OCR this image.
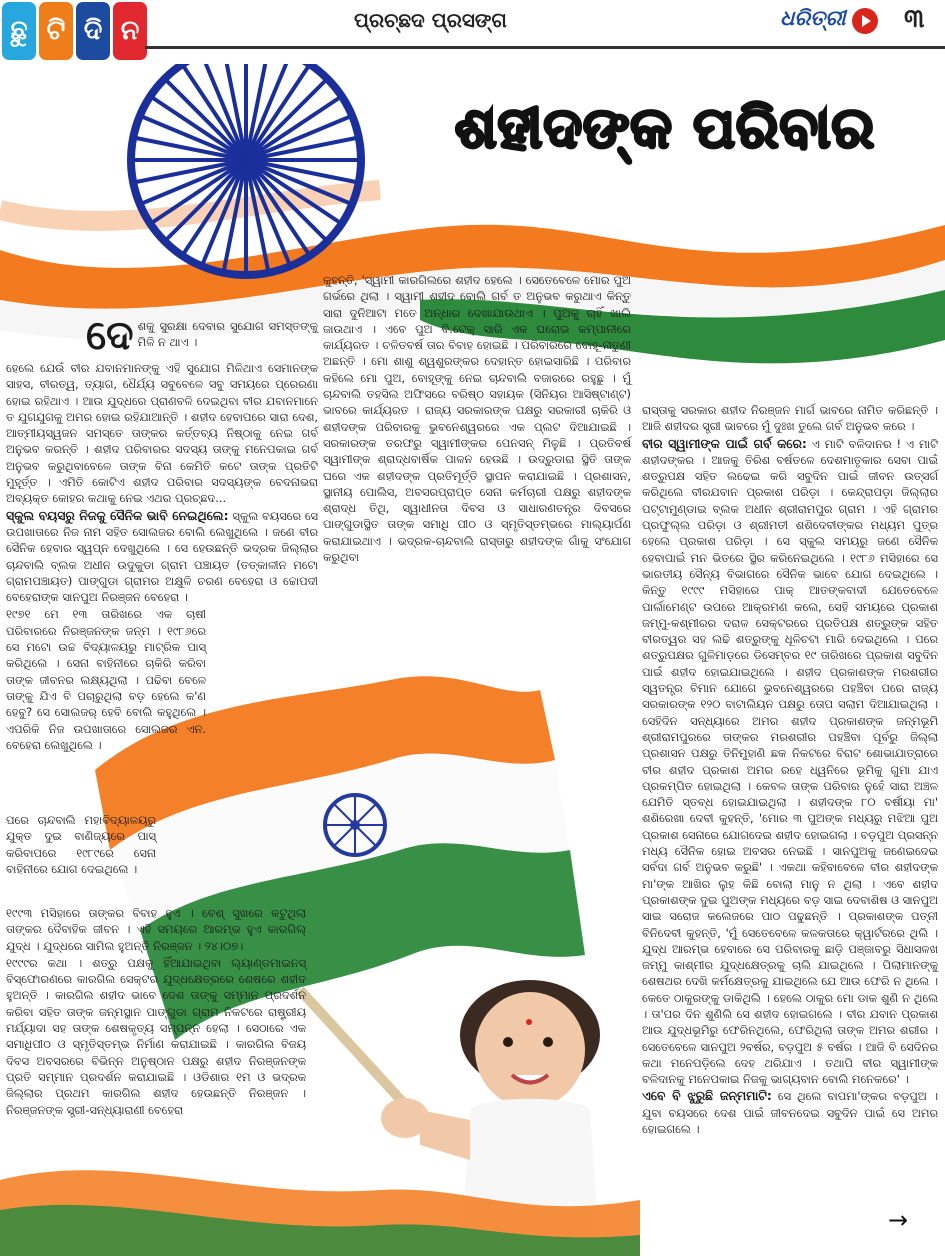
ଛୁ ଟି ଦି ନ	ପ୍ରଚ୍ଛଦ ପ୍ରସଙ୍ଗ	ଧରିତ୍ରୀ ୩
ଶହୀଦଙ୍କ ପରିବାର
ଦେ ଶକୁ ସୁରକ୍ଷା ଦେବାର ସୁଯୋଗ ସମସ୍ତଙ୍କୁ ମିଳି ନ ଥାଏ ।

ହେଲେ ଯେଉଁ ବୀର ଯବାନମାନଙ୍କୁ ଏହି ସୁଯୋଗ ମିଳିଥାଏ ସେମାନଙ୍କ ସାହସ, ବୀରତ୍ୱ, ତ୍ୟାଗ, ଧୈର୍ଯ୍ୟ ସବୁବେଳେ ସବୁ ସମୟରେ ପ୍ରେରଣା ହୋଇ ରହିଥାଏ । ଆଉ ଯୁଦ୍ଧରେ ପ୍ରାଣବଳି ଦେଇଥିବା ବୀର ଯବାନମାନେ ତ ଯୁଗଯୁଗକୁ ଅମର ହୋଇ ରହିଯାଆନ୍ତି । ଶହୀଦ ହେବାପରେ ସାରା ଦେଶ, ଆତ୍ମୀୟସ୍ୱଜନ ସମସ୍ତେ ତାଙ୍କର କର୍ତ୍ତବ୍ୟ ନିଷ୍ଠାକୁ ନେଇ ଗର୍ବ ଅନୁଭବ କରନ୍ତି । ଶହୀଦ ପରିବାରର ସଦସ୍ୟ ତାଙ୍କୁ ମନେପକାଇ ଗର୍ବ ଅନୁଭବ କରୁଥିବାବେଳେ ତାଙ୍କ ବିନା କେମିତି କଟେ ତାଙ୍କ ପ୍ରତିଟି ମୁହୂର୍ତ୍ତ । ଏମିତି କୋଟିଏ ଶହୀଦ ପରିବାର ସଦସ୍ୟଙ୍କ ବେଦନାଭରା ଅବ୍ୟକ୍ତ କୋହର କଥାକୁ ନେଇ ଏଥର ପ୍ରଚ୍ଛଦ...

ସ୍କୁଲ ବୟସରୁ ନିଜକୁ ସୈନିକ ଭାବି ନେଇଥିଲେ: ସ୍କୁଲ ବୟସରେ ସେ ଉପଖାତାରେ ନିଜ ନାମ ସହିତ ସୋଲଜର ବୋଲି ଲେଖୁଥିଲେ । ଜଣେ ବୀର ସୈନିକ ହେବାର ସ୍ୱପ୍ନ ଦେଖୁଥିଲେ । ସେ ହେଉଛନ୍ତି ଭଦ୍ରକ ଜିଲ୍ଲାର ଚାନ୍ଦବାଲି ବ୍ଲକ ଅଧୀନ ଉଦୁକୁଡା ଗ୍ରାମ ପଞ୍ଚାୟତ (ତତ୍କାଳୀନ ମଟୋ ଗ୍ରାମପଞ୍ଚାୟତ) ପାଙ୍ଗୁଡା ଗ୍ରାମର ଅକ୍ଷୁଳି ଚରଣ ବେହେରା ଓ ଚ୍ଚୋପଦୀ ବେହେରାଙ୍କ ସାନପୁଅ ନିରଞ୍ଜନ ବେହେରା ।

୧୯୭୧ ମେ ୧୩ ତାରିଖରେ ଏକ ଚାଷୀ ପରିବାରରେ ନିରଞ୍ଜନଙ୍କ ଜନ୍ମ । ୧୯୮୬ରେ ସେ ମଟୋ ଉଚ୍ଚ ବିଦ୍ୟାଳୟରୁ ମାଟ୍ରିକ ପାସ୍ କରିଥିଲେ । ସେନା ବାହିନୀରେ ଚାକିରି କରିବା ତାଙ୍କ ଜୀବନର ଲକ୍ଷ୍ୟଥିଲା । ପଢିବା ବେଳେ ତାଙ୍କୁ ଯିଏ ବି ପଚାରୁଥିଲା ବଡ଼ ହେଲେ କ'ଣ ହେବୁ? ସେ ସୋଲଜର୍ ହେବି ବୋଲି କହୁଥିଲେ । ଏପରିକି ନିଜ ଉପଖାତାରେ ସୋଲଜର ଏନ. ବେହେରା ଲେଖୁଥିଲେ ।

ପରେ ଚାନ୍ଦବାଲି ମହାବିଦ୍ୟାଳୟରୁ ଯୁକ୍ତ ଦୁଇ ବାଣିଜ୍ୟରେ ପାସ୍ କରିବାପରେ ୧୯୮୯ରେ ସେନା ବାହିନୀରେ ଯୋଗ ଦେଇଥିଲେ ।

୧୯୯୩ ମସିହାରେ ତାଙ୍କର ବିବାହ ହୁଏ । ବେଶ୍ ସୁଖରେ କଟୁଥିଲା ତାଙ୍କର ଦୈବାହିକ ଜୀବନ । ଏହି ସମୟରେ ଆରମ୍ଭ ହୁଏ କାରଗିଲ୍ ଯୁଦ୍ଧ । ଯୁଦ୍ଧରେ ସାମିଲ ହୁଅନ୍ତି ନିରଞ୍ଜନ । ୨୪।୦୭।

୧୯୯୯ର କଥା । ଶତ୍ରୁ ପକ୍ଷକୁ ହିଁଆଯାଇଥିବା ଲ୍ୟାଣ୍ଡମାଇନସ୍ ବିସ୍ଫୋରଣରେ କାରଗିଲ ସେକ୍ଟର ଯୁଦ୍ଧକ୍ଷେତ୍ରରେ ଶେଷରେ ଶହୀଦ ହୁଅନ୍ତି । କାରଗିଲ ଶହୀଦ ଭାବେ ଦେଶ ତାଙ୍କୁ ସମ୍ମାନ ପ୍ରଦର୍ଶନ କରିବା ସହିତ ତାଙ୍କ ଜନ୍ମସ୍ଥାନ ପାଙ୍ଗୁଡା ଗ୍ରାମ ନିକଟରେ ରାଷ୍ଟ୍ରୀୟ ମର୍ଯ୍ୟାଦା ସହ ତାଙ୍କ ଶେଷକୃତ୍ୟ ସମ୍ପନ୍ନ ହେଲା । ସେଠାରେ ଏକ ସମାଧିପୀଠ ଓ ସ୍ମୃତିସ୍ତମ୍ଭ ନିର୍ମାଣ କରାଯାଇଛି । କାରଗିଲ ବିଜୟ ଦିବସ ଅବସରରେ ବିଭିନ୍ନ ଅନୁଷ୍ଠାନ ପକ୍ଷରୁ ଶହୀଦ ନିରଞ୍ଜନଙ୍କ ପ୍ରତି ସମ୍ମାନ ପ୍ରଦର୍ଶନ କରାଯାଇଛି । ଓଡିଶାର ୧ମ ଓ ଭଦ୍ରକ ଜିଲ୍ଲାର ପ୍ରଥମ କାରଗିଲ ଶହୀଦ ହେଉଛନ୍ତି ନିରଞ୍ଜନ । ନିରଞ୍ଜନଙ୍କ ସ୍ତ୍ରୀ-ସନ୍ଧ୍ୟାରାଣୀ ବେହେରା

କୁହନ୍ତି, 'ସ୍ୱାମୀ କାରଗିଲରେ ଶହୀଦ ହେଲେ । ସେତେବେଳେ ମୋର ପୁଅ ଗର୍ଭରେ ଥିଲା । ସ୍ୱାମୀ ଶହୀଦ ବୋଲି ଗର୍ବ ତ ଅନୁଭବ କରୁଥାଏ କିନ୍ତୁ ସାରା ଦୁନିଆଟା ମତେ ଅନ୍ଧାର ଦେଖାଯାଉଥାଏ । ପୁଅକୁ ଚାହିଁ ଖାଲି ଜାଉଥାଏ । ଏବେ ପୁଅ ବି.ଟେକ୍ ସାରି ଏକ ଘରୋଇ କମ୍ପାନୀରେ କାର୍ଯ୍ୟରତ । ଚଳିତବର୍ଷ ତାର ବିବାହ ହୋଇଛି । ପରିବାରରେ ବୋହୂ-ନାତୁଣୀ ଅଛନ୍ତି । ମୋ ଶାଶୁ ଶ୍ୱଶୁରଙ୍କର ଦେହାନ୍ତ ହୋଇସାରିଛି । ପରିବାର କହିଲେ ମୋ ପୁଅ, ବୋହୂଙ୍କୁ ନେଇ ଚାନ୍ଦବାଲି ବଜାରରେ ରହୁଛୁ । ମୁଁ ଚାନ୍ଦବାଲି ତହସିଲ ଅଫିସରେ ବରିଷ୍ଠ ସହାୟକ (ସିନିୟର ଆସିଷ୍ଟାଣ୍ଟ) ଭାବରେ କାର୍ଯ୍ୟରତ । ରାଜ୍ୟ ସରକାରଙ୍କ ପକ୍ଷରୁ ସରକାରୀ ଚାକିରି ଓ ଶହୀଦଙ୍କ ପରିବାରକୁ ଭୁବନେଶ୍ୱରରେ ଏକ ପ୍ଲଟ ଦିଆଯାଇଛି । ସରକାରଙ୍କ ତରଫରୁ ସ୍ୱାମୀଙ୍କର ପେନସନ୍ ମିଳୁଛି । ପ୍ରତିବର୍ଷ ସ୍ୱାମୀଙ୍କ ଶ୍ରାଦ୍ଧବାର୍ଷିକ ପାଳନ ହେଉଛି । ଉଦ୍ରୁଡାରା ସ୍ଥିତି ତାଙ୍କ ଘରେ ଏକ ଶହୀଦଙ୍କ ପ୍ରତିମୂର୍ତ୍ତି ସ୍ଥାପନ କରାଯାଇଛି । ପ୍ରଶାସନ, ସ୍ଥାନୀୟ ପୋଲିସ, ଅବସରପ୍ରାପ୍ତ ସେନା କର୍ମଚାରୀ ପକ୍ଷରୁ ଶହୀଦଙ୍କ ଶ୍ରାଦ୍ଧ ତିଥି, ସ୍ୱାଧୀନତା ଦିବସ ଓ ସାଧାରଣତନ୍ତ୍ର ଦିବସରେ ପାଙ୍ଗୁଡାସ୍ଥିତ ତାଙ୍କ ସମାଧି ପୀଠ ଓ ସ୍ମୃତିସ୍ତମ୍ଭରେ ମାଲ୍ୟାର୍ପଣ କରାଯାଇଥାଏ । ଭଦ୍ରକ-ଚାନ୍ଦବାଲି ରାସ୍ତାରୁ ଶହୀଦଙ୍କ ଗାଁକୁ ସଂଯୋଗ କରୁଥିବା

ରାସ୍ତାକୁ ସରକାର ଶହୀଦ ନିରଞ୍ଜନ ମାର୍ଗ ଭାବରେ ନାମିତ କରିଛନ୍ତି । ଆଜି ଶହୀଦର ସ୍ତ୍ରୀ ଭାବରେ ମୁଁ ଦୁଃଖ ତୁଲେ ଗର୍ବ ଅନୁଭବ କରେ ।

ବୀର ସ୍ୱାମୀଙ୍କ ପାଇଁ ଗର୍ବ କରେ: ଏ ମାଟି ବଳିଦାନର ! ଏ ମାଟି ଶହୀଦଙ୍କର । ଆଜକୁ ତିରିଶ ବର୍ଷତଳେ ଦେଶମାତୃକାର ସେବା ପାଇଁ ଶତ୍ରୁପକ୍ଷ ସହିତ ଲଢେଇ କରି ସବୁଦିନ ପାଇଁ ଜୀବନ ଉତ୍ସର୍ଗ କରିଥିଲେ ବୀରଯବାନ ପ୍ରକାଶ ପରିଡ଼ା । କେନ୍ଦ୍ରାପଡ଼ା ଜିଲ୍ଲାର ପଟ୍ଟାମୁଣ୍ଡାଇ ବ୍ଲକ ଅଧୀନ ଶ୍ରୀରାମପୁର ଗ୍ରାମ । ଏହି ଗ୍ରାମର ପ୍ରଫୁଲ୍ଲ ପରିଡ଼ା ଓ ଶ୍ରୀମତୀ ଶଶିଦେବୀଙ୍କର ମଧ୍ୟମ ପୁତ୍ର ହେଲେ ପ୍ରକାଶ ପରିଡ଼ା । ସେ ସ୍କୁଲ ସମୟରୁ ଜଣେ ସୈନିକ ହେବାପାଇଁ ମନ ଭିତରେ ସ୍ଥିର କରିନେଇଥିଲେ । ୧୯୮୬ ମସିହାରେ ସେ ଭାରତୀୟ ସୈନ୍ୟ ବିଭାଗରେ ସୈନିକ ଭାବେ ଯୋଗ ଦେଇଥିଲେ । କିନ୍ତୁ ୧୯୯୯ ମସିହାରେ ପାକ୍ ଆତଙ୍କବାଦୀ ଯେତେବେଳେ ପାର୍ଲାମେଣ୍ଟ ଉପରେ ଆକ୍ରମଣ କଲେ, ସେହି ସମୟରେ ପ୍ରକାଶ ଜମ୍ମୁ-କଶ୍ମୀରର ଦରାଳ ସେକ୍ଟରରେ ପ୍ରତିପକ୍ଷ ଶତ୍ରୁଙ୍କ ସହିତ ବୀରତ୍ୱର ସହ ଲଢି ଶତ୍ରୁଙ୍କୁ ଧୂଳିଚଟା ମାରି ଦେଇଥିଲେ । ପରେ ଶତ୍ରୁପକ୍ଷର ଗୁଳିମାଡ଼ରେ ଡିସେମ୍ବର ୧୯ ତାରିଖରେ ପ୍ରକାଶ ସବୁଦିନ ପାଇଁ ଶହୀଦ ହୋଇଯାଇଥିଲେ । ଶହୀଦ ପ୍ରକାଶଙ୍କ ମରଶରୀର ସ୍ୱତନ୍ତ୍ର ବିମାନ ଯୋଗେ ଭୁବନେଶ୍ୱରରେ ପହଞ୍ଚିବା ପରେ ରାଜ୍ୟ ସରକାରଙ୍କ ୧୨୦ ବାଟାଲିୟନ ପକ୍ଷରୁ ତୋପ ସଲାମ ଦିଆଯାଇଥିଲା । ସେହିଦିନ ସନ୍ଧ୍ୟାରେ ଅମର ଶହୀଦ ପ୍ରକାଶଙ୍କ ଜନ୍ମଭୂମି ଶ୍ରୀରାମପୁରରେ ତାଙ୍କର ମରଶରୀର ପହଞ୍ଚିବା ପୂର୍ବରୁ ଜିଲ୍ଲା ପ୍ରଶାସନ ପକ୍ଷରୁ ତିନିମୁହାଣି ଛକ ନିକଟରେ ବିରାଟ ଶୋଭାଯାତ୍ରାରେ ବୀର ଶହୀଦ ପ୍ରକାଶ ଅମର ରହେ ଧ୍ୱନିରେ ଭୂମିକୁ ଗୁମା ଯାଏ ପ୍ରକମ୍ପିତ ହୋଇଥିଲା । କେବଳ ତାଙ୍କ ପରିବାର ନୁହେଁ ସାରା ଅଞ୍ଚଳ ଯେମିତି ସ୍ତବ୍ଧ ହୋଇଯାଇଥିଲା । ଶହୀଦଙ୍କ ୮୦ ବର୍ଷୀୟା ମା' ଶଶିରେଖା ଦେବୀ କୁହନ୍ତି, 'ମୋର ୩ ପୁଅଙ୍କ ମଧ୍ୟରୁ ମଝିଆ ପୁଅ ପ୍ରକାଶ ସେନାରେ ଯୋଗଦେଇ ଶହୀଦ ହୋଇଗଲା । ବଡ଼ପୁଅ ପ୍ରସନ୍ନ ମଧ୍ୟ ସୈନିକ ହୋଇ ଅବସର ନେଇଛି । ସାନପୁଅକୁ ଜଣେଇଦେଇ ସର୍ବଦା ଗର୍ବ ଅନୁଭବ କରୁଛି' । ଏକଥା କହିବାବେଳେ ବୀର ଶହୀଦଙ୍କ ମା'ଙ୍କ ଆଖିର ଲୁହ କିଛି ବୋଲା ମାନୁ ନ ଥିଲା । ଏବେ ଶହୀଦ ପ୍ରକାଶଙ୍କ ଦୁଇ ପୁଅଙ୍କ ମଧ୍ୟରେ ବଡ଼ ସାଇ ଦେବାଶିଷ ଓ ସାନପୁଅ ସାଇ ସରୋଜ କଲେଜରେ ପାଠ ପଢୁଛନ୍ତି । ପ୍ରକାଶଙ୍କ ପତ୍ନୀ ବିନିଦେବୀ କୁହନ୍ତି, 'ମୁଁ ସେତେବେଳେ କଳକତାରେ କ୍ୱାର୍ଟରରେ ଥିଲି । ଯୁଦ୍ଧ ଆରମ୍ଭ ହେବାରେ ସେ ପରିବାରକୁ ଛାଡ଼ି ପଞ୍ଜାବରୁ ସିଧାସଳଖ ଜମ୍ମୁ କାଶ୍ମୀର ଯୁଦ୍ଧକ୍ଷେତ୍ରକୁ ଚାଲି ଯାଇଥିଲେ । ପିଲାମାନଙ୍କୁ ଶେଷଥର ଦେଖି କର୍ମକ୍ଷେତ୍ରକୁ ଯାଇଥିଲେ ଯେ ଆଉ ଫେରି ନ ଥିଲେ । କେତେ ଠାକୁରଙ୍କୁ ଡାକିଥିଲି । ହେଲେ ଠାକୁର ମୋ ଡାକ ଶୁଣି ନ ଥିଲେ । ତା'ପର ଦିନ ଶୁଣିଲି ସେ ଶହୀଦ ହୋଇଗଲେ । ବୀର ଯବାନ ପ୍ରକାଶ ଆଉ ଯୁଦ୍ଧଭୂମିରୁ ଫେରିନଥିଲେ, ଫେରିଥିଲା ତାଙ୍କ ଅମର ଶରୀର । ସେତେବେଳେ ସାନପୁଅ ୨ବର୍ଷର, ବଡ଼ପୁଅ ୫ ବର୍ଷର । ଆଜି ବି ସେଦିନର କଥା ମନେପଡ଼ିଲେ ଦେହ ଥରିଯାଏ । ତଥାପି ବୀର ସ୍ୱାମୀଙ୍କ ବଳିଦାନକୁ ମନେପକାଇ ନିଜକୁ ଭାଗ୍ୟବାନ ବୋଲି ମନେକରେ' ।

ଏବେ ବି ଝୁରୁଛି ଜନ୍ମମାଟି: ସେ ଥିଲେ ବାପମା'ଙ୍କର ବଡ଼ପୁଅ । ଯୁବା ବୟସରେ ଦେଶ ପାଇଁ ଜୀବନଦେଇ ସବୁଦିନ ପାଇଁ ସେ ଅମର ହୋଇଗଲେ ।

→
